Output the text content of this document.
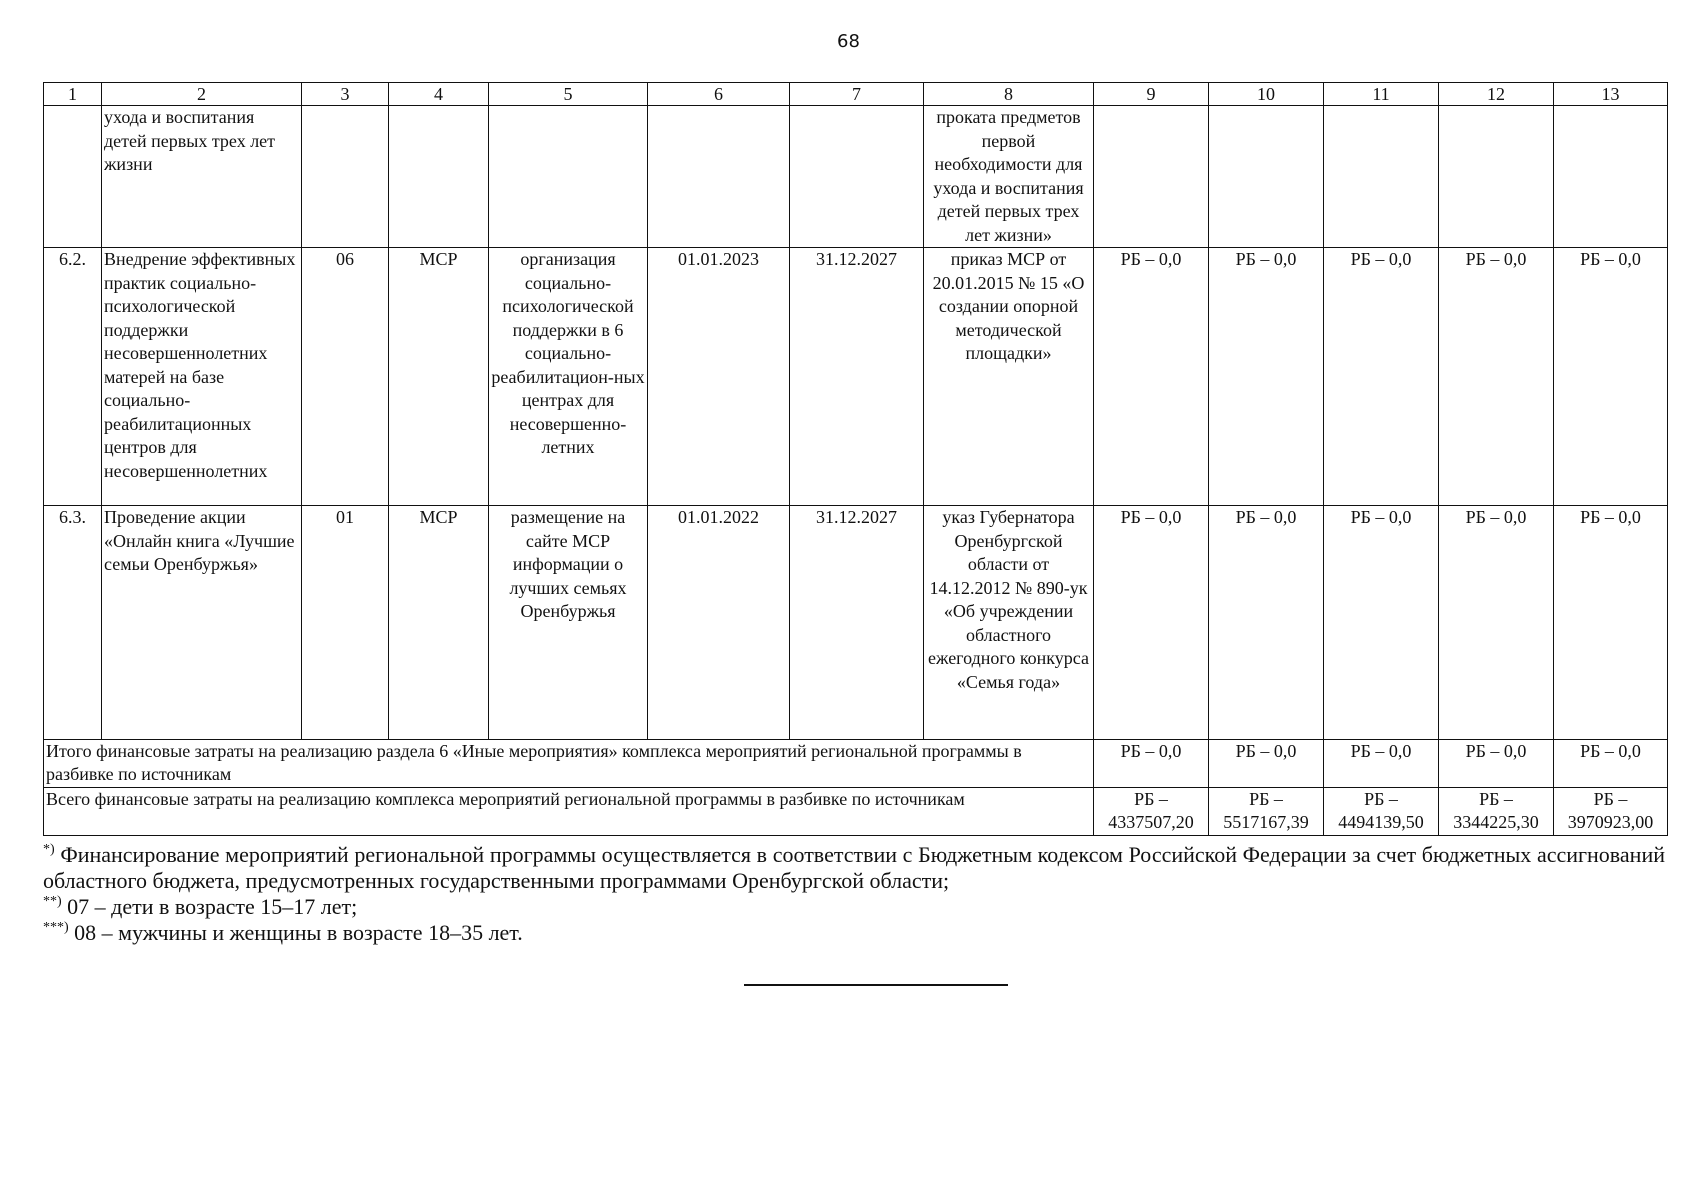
68
1	2	3	4	5	6	7	8	9	10	11	12	13
	ухода и воспитания детей первых трех лет жизни						проката предметов первой необходимости для ухода и воспитания детей первых трех лет жизни»					
6.2.	Внедрение эффективных практик социально-психологической поддержки несовершеннолетних матерей на базе социально-реабилитационных центров для несовершеннолетних	06	МСР	организация социально-психологической поддержки в 6 социально-реабилитацион-ных центрах для несовершенно-летних	01.01.2023	31.12.2027	приказ МСР от 20.01.2015 № 15 «О создании опорной методической площадки»	РБ – 0,0	РБ – 0,0	РБ – 0,0	РБ – 0,0	РБ – 0,0
6.3.	Проведение акции «Онлайн книга «Лучшие семьи Оренбуржья»	01	МСР	размещение на сайте МСР информации о лучших семьях Оренбуржья	01.01.2022	31.12.2027	указ Губернатора Оренбургской области от 14.12.2012 № 890-ук «Об учреждении областного ежегодного конкурса «Семья года»	РБ – 0,0	РБ – 0,0	РБ – 0,0	РБ – 0,0	РБ – 0,0
Итого финансовые затраты на реализацию раздела 6 «Иные мероприятия» комплекса мероприятий региональной программы в разбивке по источникам								РБ – 0,0	РБ – 0,0	РБ – 0,0	РБ – 0,0	РБ – 0,0
Всего финансовые затраты на реализацию комплекса мероприятий региональной программы в разбивке по источникам								РБ – 4337507,20	РБ – 5517167,39	РБ – 4494139,50	РБ – 3344225,30	РБ – 3970923,00

*) Финансирование мероприятий региональной программы осуществляется в соответствии с Бюджетным кодексом Российской Федерации за счет бюджетных ассигнований областного бюджета, предусмотренных государственными программами Оренбургской области;

**) 07 – дети в возрасте 15–17 лет;

***) 08 – мужчины и женщины в возрасте 18–35 лет.
